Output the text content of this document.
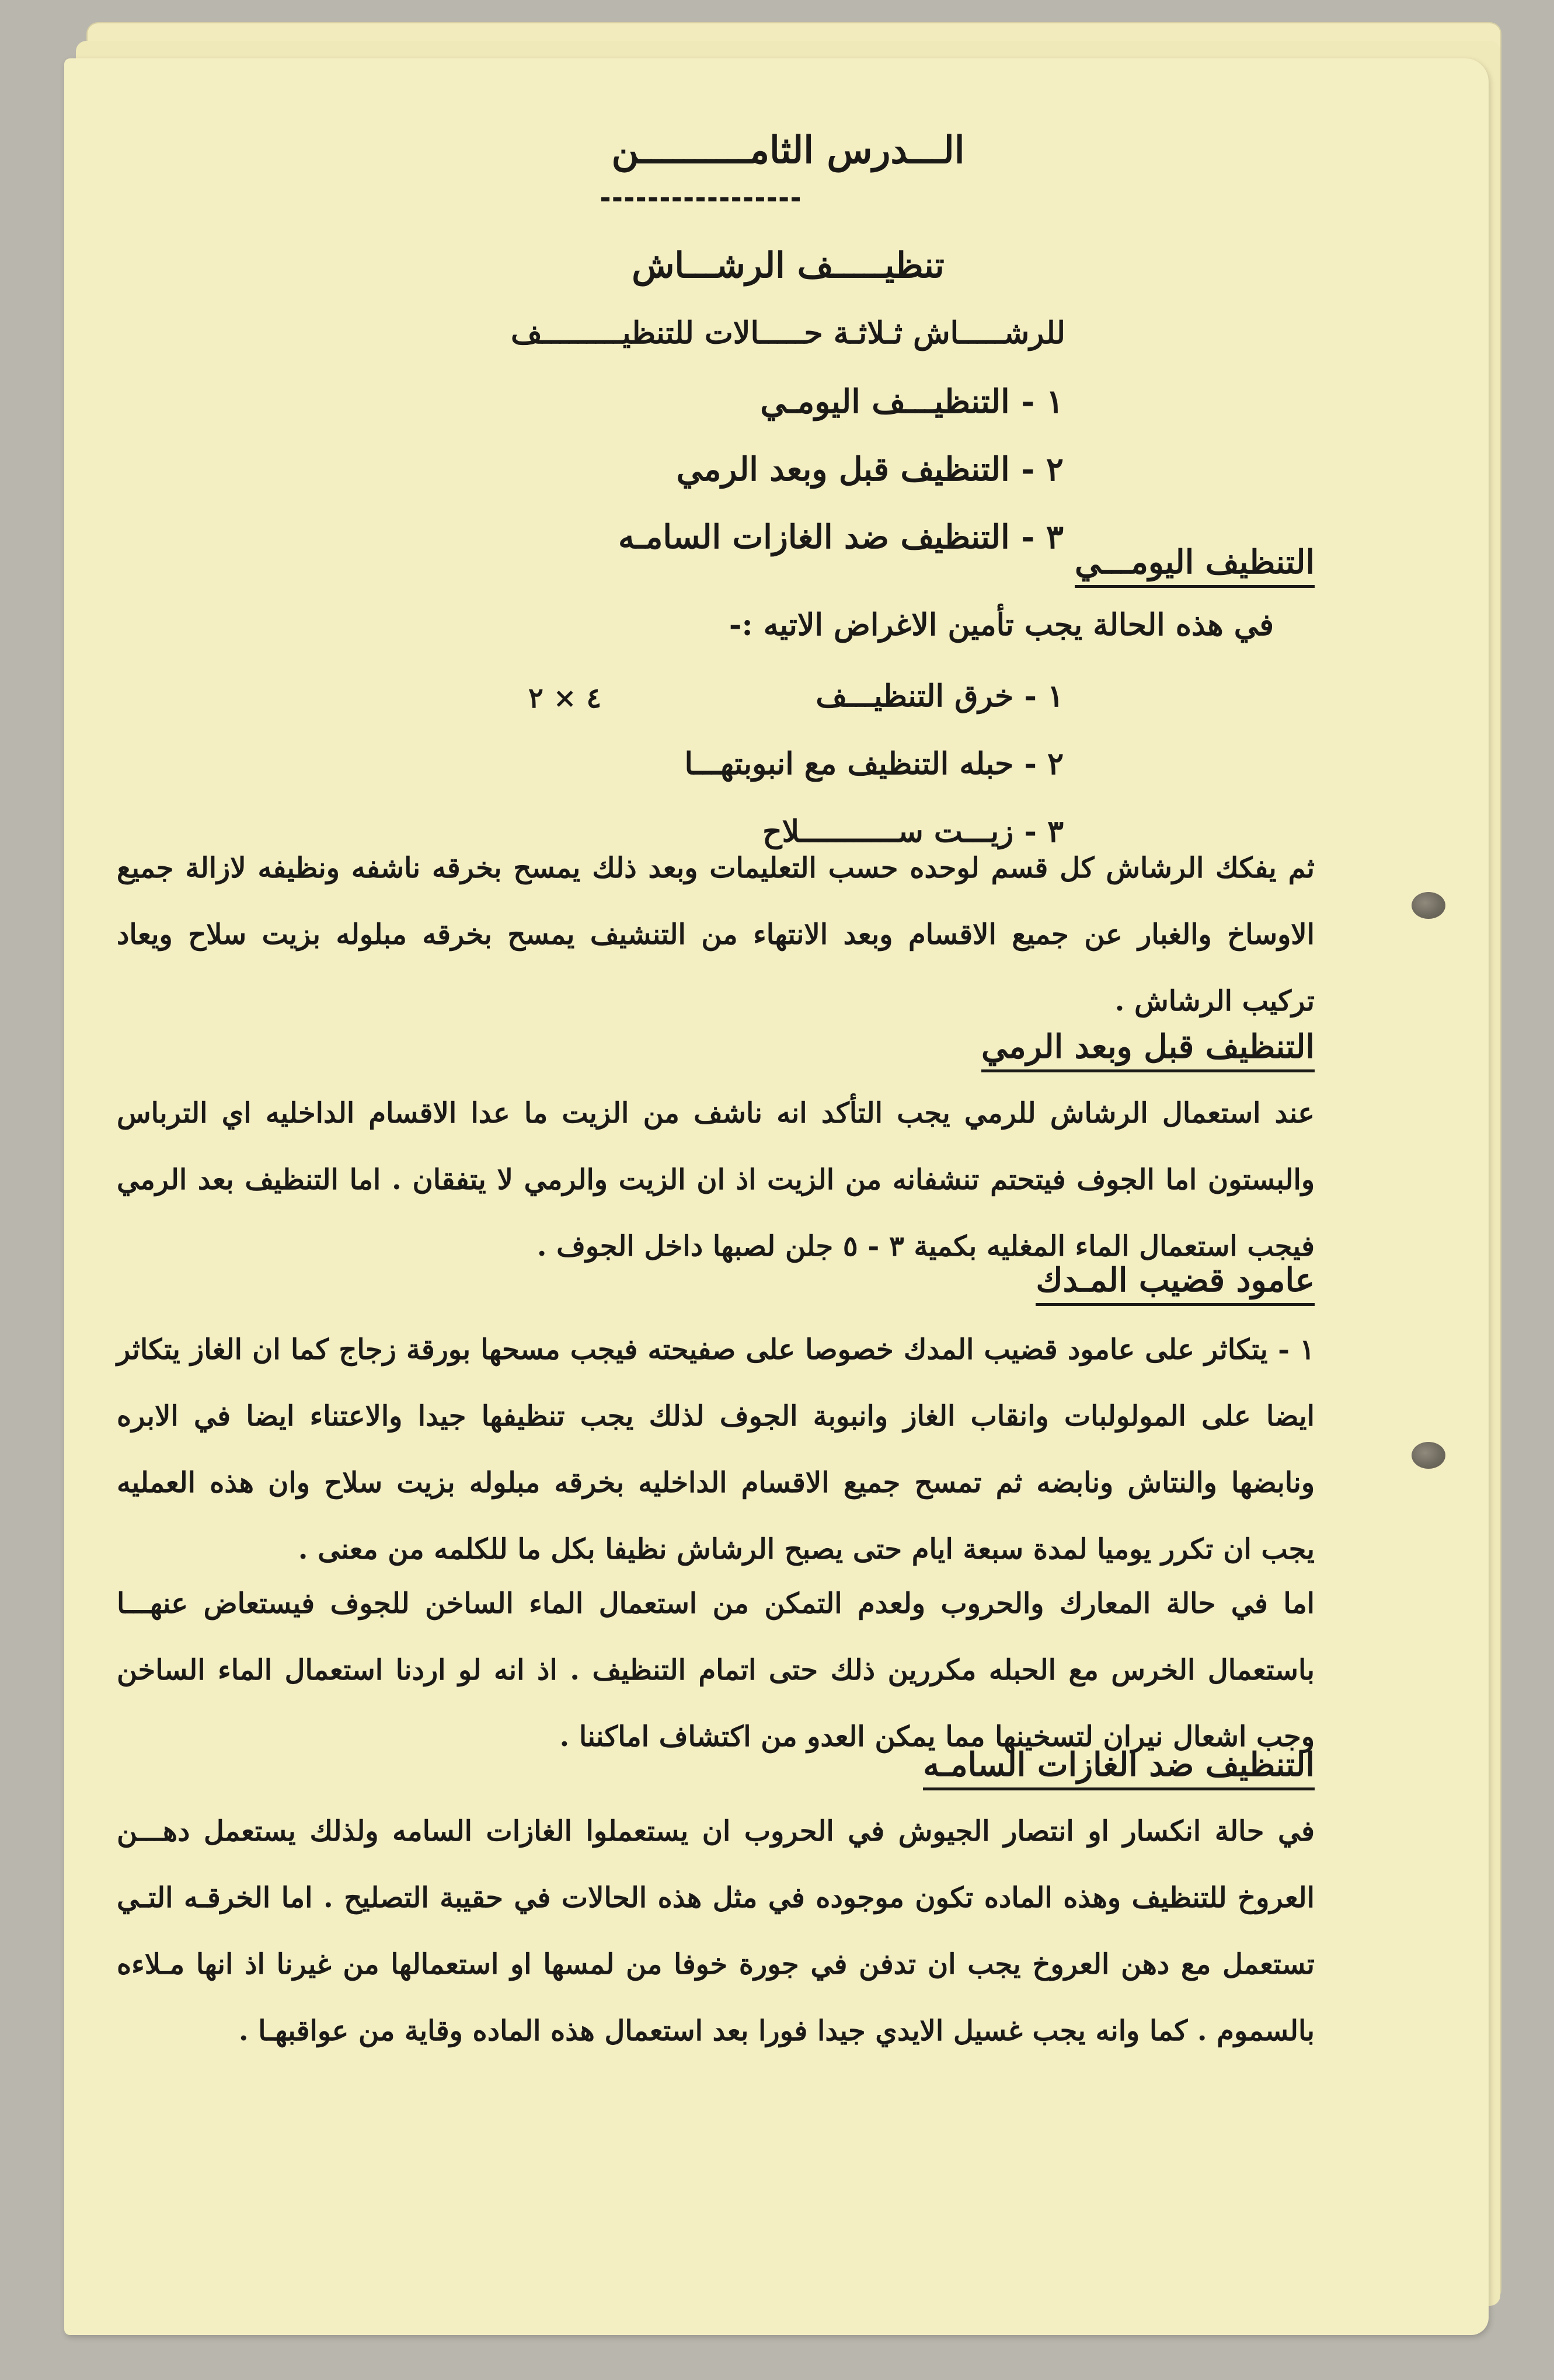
الـــدرس الثامــــــــــن
تنظيـــــف الرشـــاش
للرشـــــاش ثـلاثـة حـــــالات للتنظيـــــــــف
١ - التنظيـــف اليومـي
٢ - التنظيف قبل وبعد الرمي
٣ - التنظيف ضد الغازات السامـه
التنظيف اليومـــي
في هذه الحالة يجب تأمين الاغراض الاتيه :-
١ - خرق التنظيـــف
٢ - حبله التنظيف مع انبوبتهـــا
٣ - زيـــت ســـــــــــلاح
٤ × ٢
ثم يفكك الرشاش كل قسم لوحده حسب التعليمات وبعد ذلك يمسح بخرقه ناشفه ونظيفه لازالة جميع الاوساخ والغبار عن جميع الاقسام وبعد الانتهاء من التنشيف يمسح بخرقه مبلوله بزيت سلاح ويعاد تركيب الرشاش .
التنظيف قبل وبعد الرمي
عند استعمال الرشاش للرمي يجب التأكد انه ناشف من الزيت ما عدا الاقسام الداخليه اي الترباس والبستون اما الجوف فيتحتم تنشفانه من الزيت اذ ان الزيت والرمي لا يتفقان . اما التنظيف بعد الرمي فيجب استعمال الماء المغليه بكمية ٣ - ٥ جلن لصبها داخل الجوف .
عامود قضيب المـدك
١ - يتكاثر على عامود قضيب المدك خصوصا على صفيحته فيجب مسحها بورقة زجاج كما ان الغاز يتكاثر ايضا على المولولبات وانقاب الغاز وانبوبة الجوف لذلك يجب تنظيفها جيدا والاعتناء ايضا في الابره ونابضها والنتاش ونابضه ثم تمسح جميع الاقسام الداخليه بخرقه مبلوله بزيت سلاح وان هذه العمليه يجب ان تكرر يوميا لمدة سبعة ايام حتى يصبح الرشاش نظيفا بكل ما للكلمه من معنى .
اما في حالة المعارك والحروب ولعدم التمكن من استعمال الماء الساخن للجوف فيستعاض عنهـــا باستعمال الخرس مع الحبله مكررين ذلك حتى اتمام التنظيف . اذ انه لو اردنا استعمال الماء الساخن وجب اشعال نيران لتسخينها مما يمكن العدو من اكتشاف اماكننا .
التنظيف ضد الغازات السامـه
في حالة انكسار او انتصار الجيوش في الحروب ان يستعملوا الغازات السامه ولذلك يستعمل دهـــن العروخ للتنظيف وهذه الماده تكون موجوده في مثل هذه الحالات في حقيبة التصليح . اما الخرقـه التـي تستعمل مع دهن العروخ يجب ان تدفن في جورة خوفا من لمسها او استعمالها من غيرنا اذ انها مـلاءه بالسموم . كما وانه يجب غسيل الايدي جيدا فورا بعد استعمال هذه الماده وقاية من عواقبهـا .
